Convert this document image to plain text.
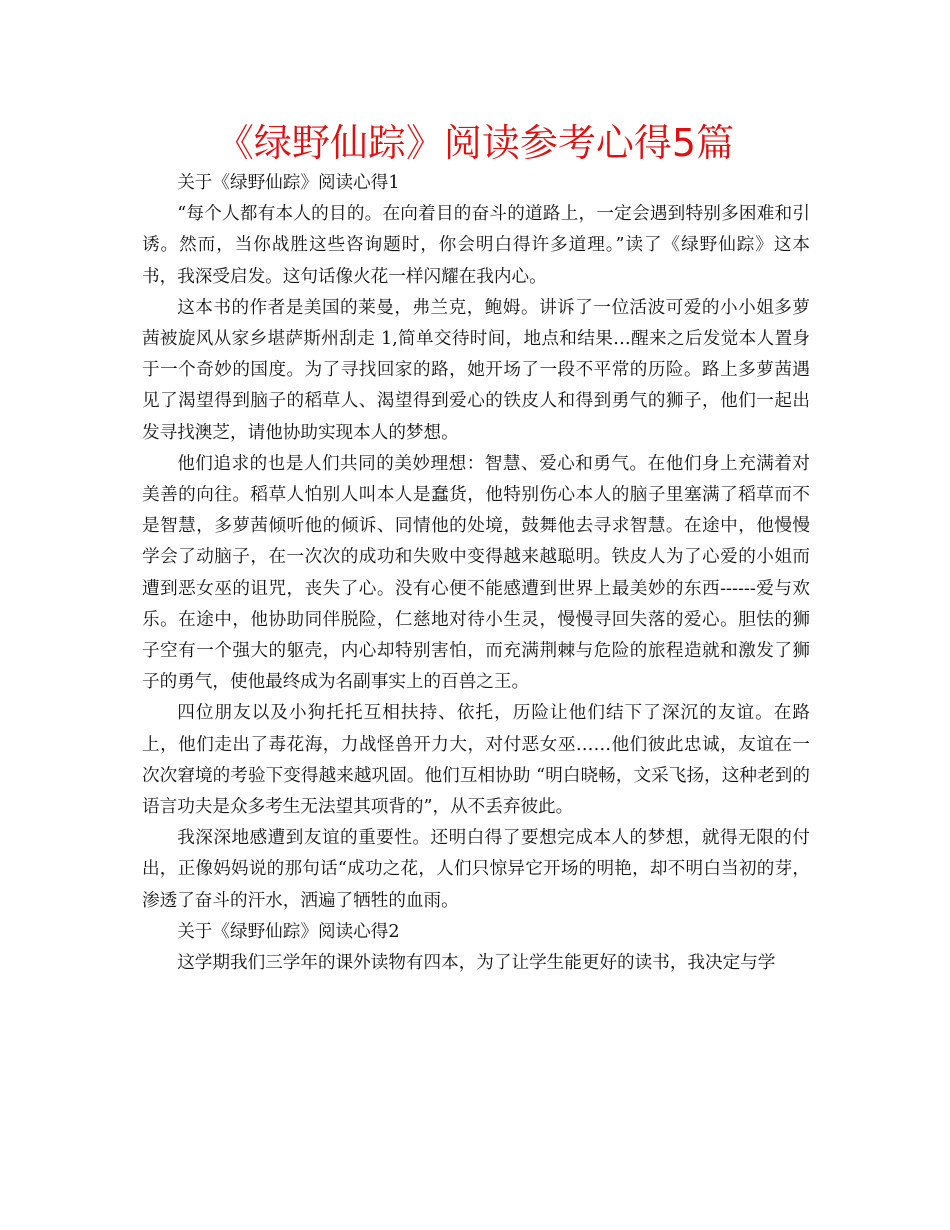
《绿野仙踪》阅读参考心得5篇

关于《绿野仙踪》阅读心得1

“每个人都有本人的目的。在向着目的奋斗的道路上，一定会遇到特别多困难和引诱。然而，当你战胜这些咨询题时，你会明白得许多道理。”读了《绿野仙踪》这本书，我深受启发。这句话像火花一样闪耀在我内心。

这本书的作者是美国的莱曼，弗兰克，鲍姆。讲诉了一位活波可爱的小小姐多萝茜被旋风从家乡堪萨斯州刮走 1,简单交待时间，地点和结果…醒来之后发觉本人置身于一个奇妙的国度。为了寻找回家的路，她开场了一段不平常的历险。路上多萝茜遇见了渴望得到脑子的稻草人、渴望得到爱心的铁皮人和得到勇气的狮子，他们一起出发寻找澳芝，请他协助实现本人的梦想。

他们追求的也是人们共同的美妙理想：智慧、爱心和勇气。在他们身上充满着对美善的向往。稻草人怕别人叫本人是蠢货，他特别伤心本人的脑子里塞满了稻草而不是智慧，多萝茜倾听他的倾诉、同情他的处境，鼓舞他去寻求智慧。在途中，他慢慢学会了动脑子，在一次次的成功和失败中变得越来越聪明。铁皮人为了心爱的小姐而遭到恶女巫的诅咒，丧失了心。没有心便不能感遭到世界上最美妙的东西------爱与欢乐。在途中，他协助同伴脱险，仁慈地对待小生灵，慢慢寻回失落的爱心。胆怯的狮子空有一个强大的躯壳，内心却特别害怕，而充满荆棘与危险的旅程造就和激发了狮子的勇气，使他最终成为名副事实上的百兽之王。

四位朋友以及小狗托托互相扶持、依托，历险让他们结下了深沉的友谊。在路上，他们走出了毒花海，力战怪兽开力大，对付恶女巫……他们彼此忠诚，友谊在一次次窘境的考验下变得越来越巩固。他们互相协助 “明白晓畅，文采飞扬，这种老到的语言功夫是众多考生无法望其项背的”，从不丢弃彼此。

我深深地感遭到友谊的重要性。还明白得了要想完成本人的梦想，就得无限的付出，正像妈妈说的那句话“成功之花，人们只惊异它开场的明艳，却不明白当初的芽，渗透了奋斗的汗水，洒遍了牺牲的血雨。

关于《绿野仙踪》阅读心得2

这学期我们三学年的课外读物有四本，为了让学生能更好的读书，我决定与学
